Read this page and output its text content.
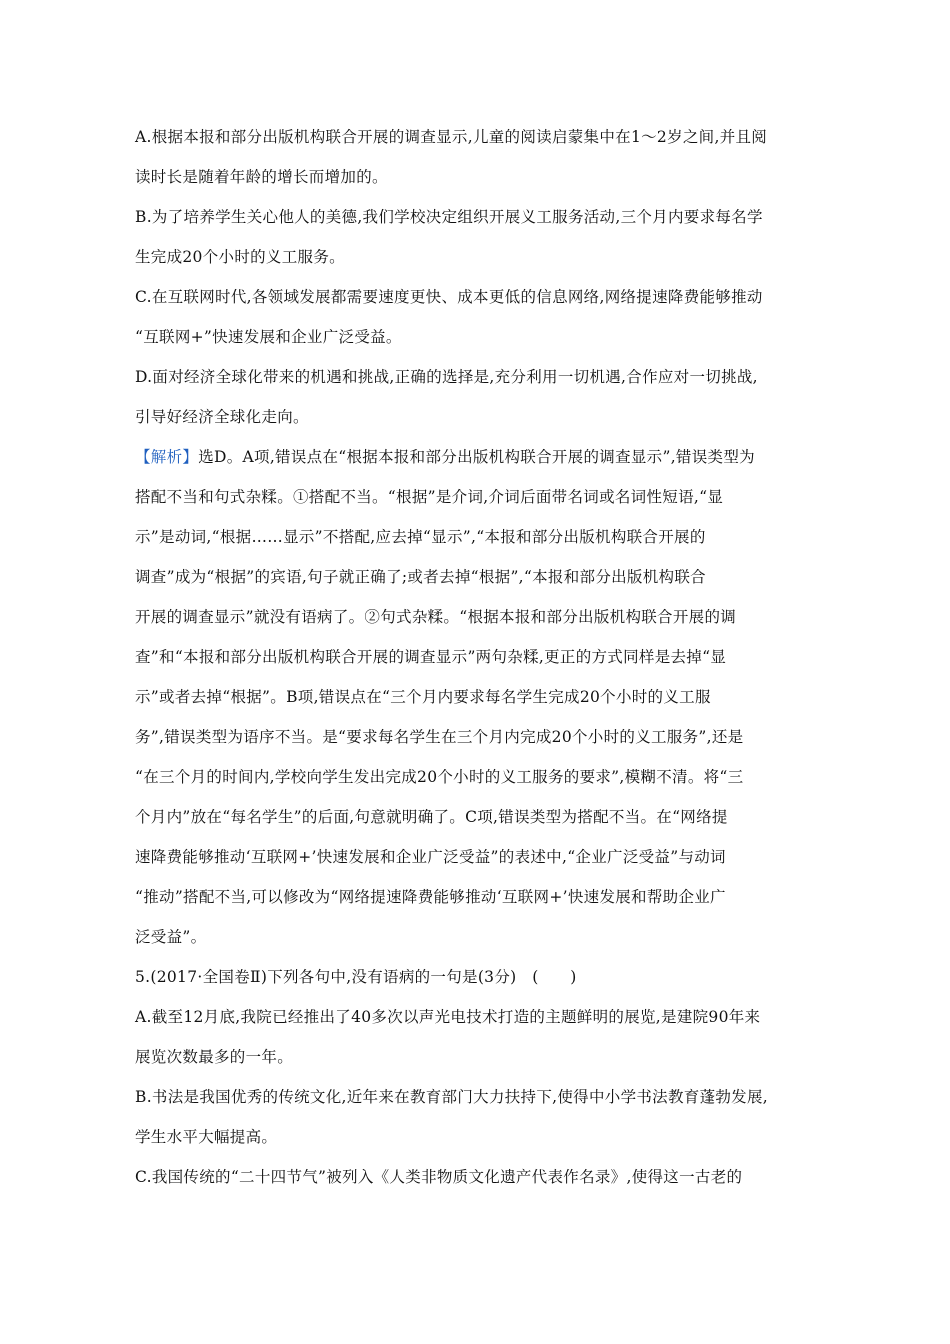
A.根据本报和部分出版机构联合开展的调查显示,儿童的阅读启蒙集中在1～2岁之间,并且阅
读时长是随着年龄的增长而增加的。
B.为了培养学生关心他人的美德,我们学校决定组织开展义工服务活动,三个月内要求每名学
生完成20个小时的义工服务。
C.在互联网时代,各领域发展都需要速度更快、成本更低的信息网络,网络提速降费能够推动
“互联网+”快速发展和企业广泛受益。
D.面对经济全球化带来的机遇和挑战,正确的选择是,充分利用一切机遇,合作应对一切挑战,
引导好经济全球化走向。
【解析】选D。A项,错误点在“根据本报和部分出版机构联合开展的调查显示”,错误类型为
搭配不当和句式杂糅。①搭配不当。“根据”是介词,介词后面带名词或名词性短语,“显
示”是动词,“根据……显示”不搭配,应去掉“显示”,“本报和部分出版机构联合开展的
调查”成为“根据”的宾语,句子就正确了;或者去掉“根据”,“本报和部分出版机构联合
开展的调查显示”就没有语病了。②句式杂糅。“根据本报和部分出版机构联合开展的调
查”和“本报和部分出版机构联合开展的调查显示”两句杂糅,更正的方式同样是去掉“显
示”或者去掉“根据”。B项,错误点在“三个月内要求每名学生完成20个小时的义工服
务”,错误类型为语序不当。是“要求每名学生在三个月内完成20个小时的义工服务”,还是
“在三个月的时间内,学校向学生发出完成20个小时的义工服务的要求”,模糊不清。将“三
个月内”放在“每名学生”的后面,句意就明确了。C项,错误类型为搭配不当。在“网络提
速降费能够推动‘互联网+’快速发展和企业广泛受益”的表述中,“企业广泛受益”与动词
“推动”搭配不当,可以修改为“网络提速降费能够推动‘互联网+’快速发展和帮助企业广
泛受益”。
5.(2017·全国卷Ⅱ)下列各句中,没有语病的一句是(3分)　(　　)
A.截至12月底,我院已经推出了40多次以声光电技术打造的主题鲜明的展览,是建院90年来
展览次数最多的一年。
B.书法是我国优秀的传统文化,近年来在教育部门大力扶持下,使得中小学书法教育蓬勃发展,
学生水平大幅提高。
C.我国传统的“二十四节气”被列入《人类非物质文化遗产代表作名录》,使得这一古老的
